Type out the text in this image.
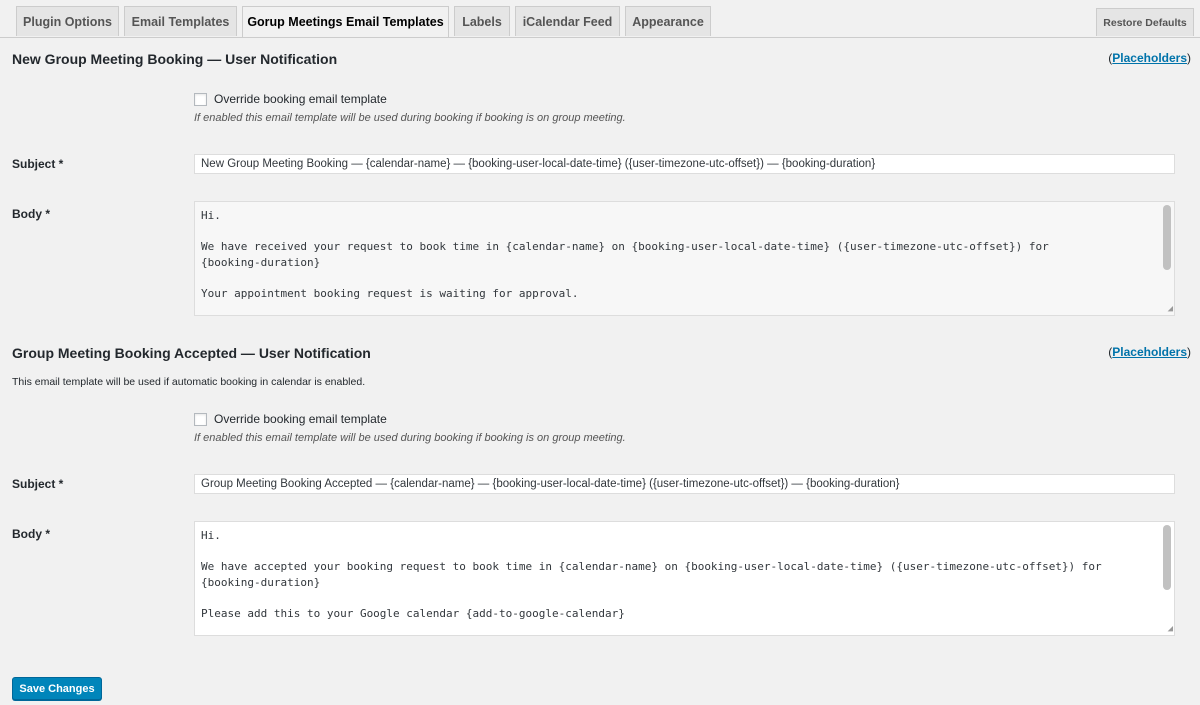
Plugin Options	Email Templates	Gorup Meetings Email Templates	Labels	iCalendar Feed	Appearance	Restore Defaults
New Group Meeting Booking — User Notification	(Placeholders)
Override booking email template
If enabled this email template will be used during booking if booking is on group meeting.
Subject *	New Group Meeting Booking — {calendar-name} — {booking-user-local-date-time} ({user-timezone-utc-offset}) — {booking-duration}
Body *	Hi.
We have received your request to book time in {calendar-name} on {booking-user-local-date-time} ({user-timezone-utc-offset}) for
{booking-duration}
Your appointment booking request is waiting for approval.
◢
Group Meeting Booking Accepted — User Notification	(Placeholders)
This email template will be used if automatic booking in calendar is enabled.
Override booking email template
If enabled this email template will be used during booking if booking is on group meeting.
Subject *	Group Meeting Booking Accepted — {calendar-name} — {booking-user-local-date-time} ({user-timezone-utc-offset}) — {booking-duration}
Body *	Hi.
We have accepted your booking request to book time in {calendar-name} on {booking-user-local-date-time} ({user-timezone-utc-offset}) for
{booking-duration}
Please add this to your Google calendar {add-to-google-calendar}
◢
Save Changes
